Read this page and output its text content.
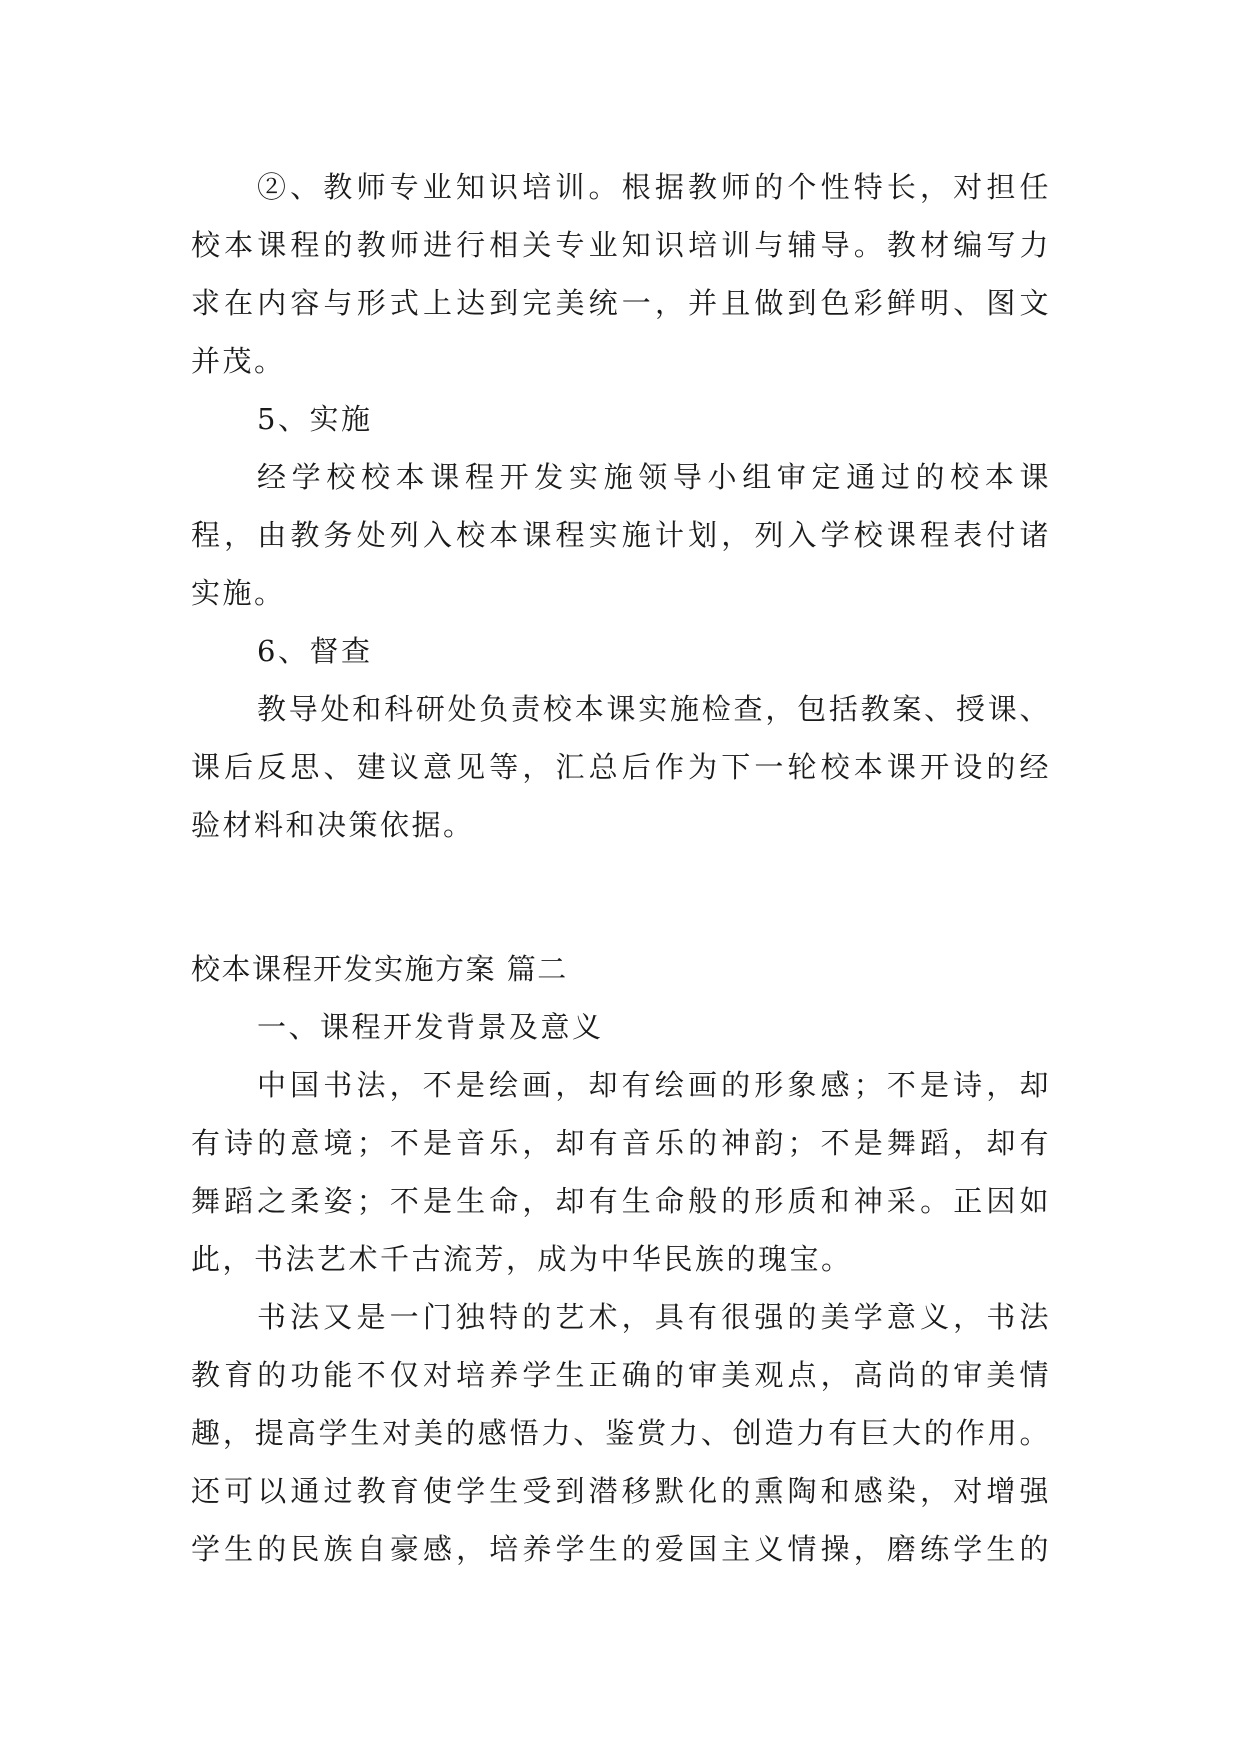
②、教师专业知识培训。根据教师的个性特长，对担任
校本课程的教师进行相关专业知识培训与辅导。教材编写力
求在内容与形式上达到完美统一，并且做到色彩鲜明、图文
并茂。
5、实施
经学校校本课程开发实施领导小组审定通过的校本课
程，由教务处列入校本课程实施计划，列入学校课程表付诸
实施。
6、督查
教导处和科研处负责校本课实施检查，包括教案、授课、
课后反思、建议意见等，汇总后作为下一轮校本课开设的经
验材料和决策依据。
校本课程开发实施方案 篇二
一、课程开发背景及意义
中国书法，不是绘画，却有绘画的形象感；不是诗，却
有诗的意境；不是音乐，却有音乐的神韵；不是舞蹈，却有
舞蹈之柔姿；不是生命，却有生命般的形质和神采。正因如
此，书法艺术千古流芳，成为中华民族的瑰宝。
书法又是一门独特的艺术，具有很强的美学意义，书法
教育的功能不仅对培养学生正确的审美观点，高尚的审美情
趣，提高学生对美的感悟力、鉴赏力、创造力有巨大的作用。
还可以通过教育使学生受到潜移默化的熏陶和感染，对增强
学生的民族自豪感，培养学生的爱国主义情操，磨练学生的
